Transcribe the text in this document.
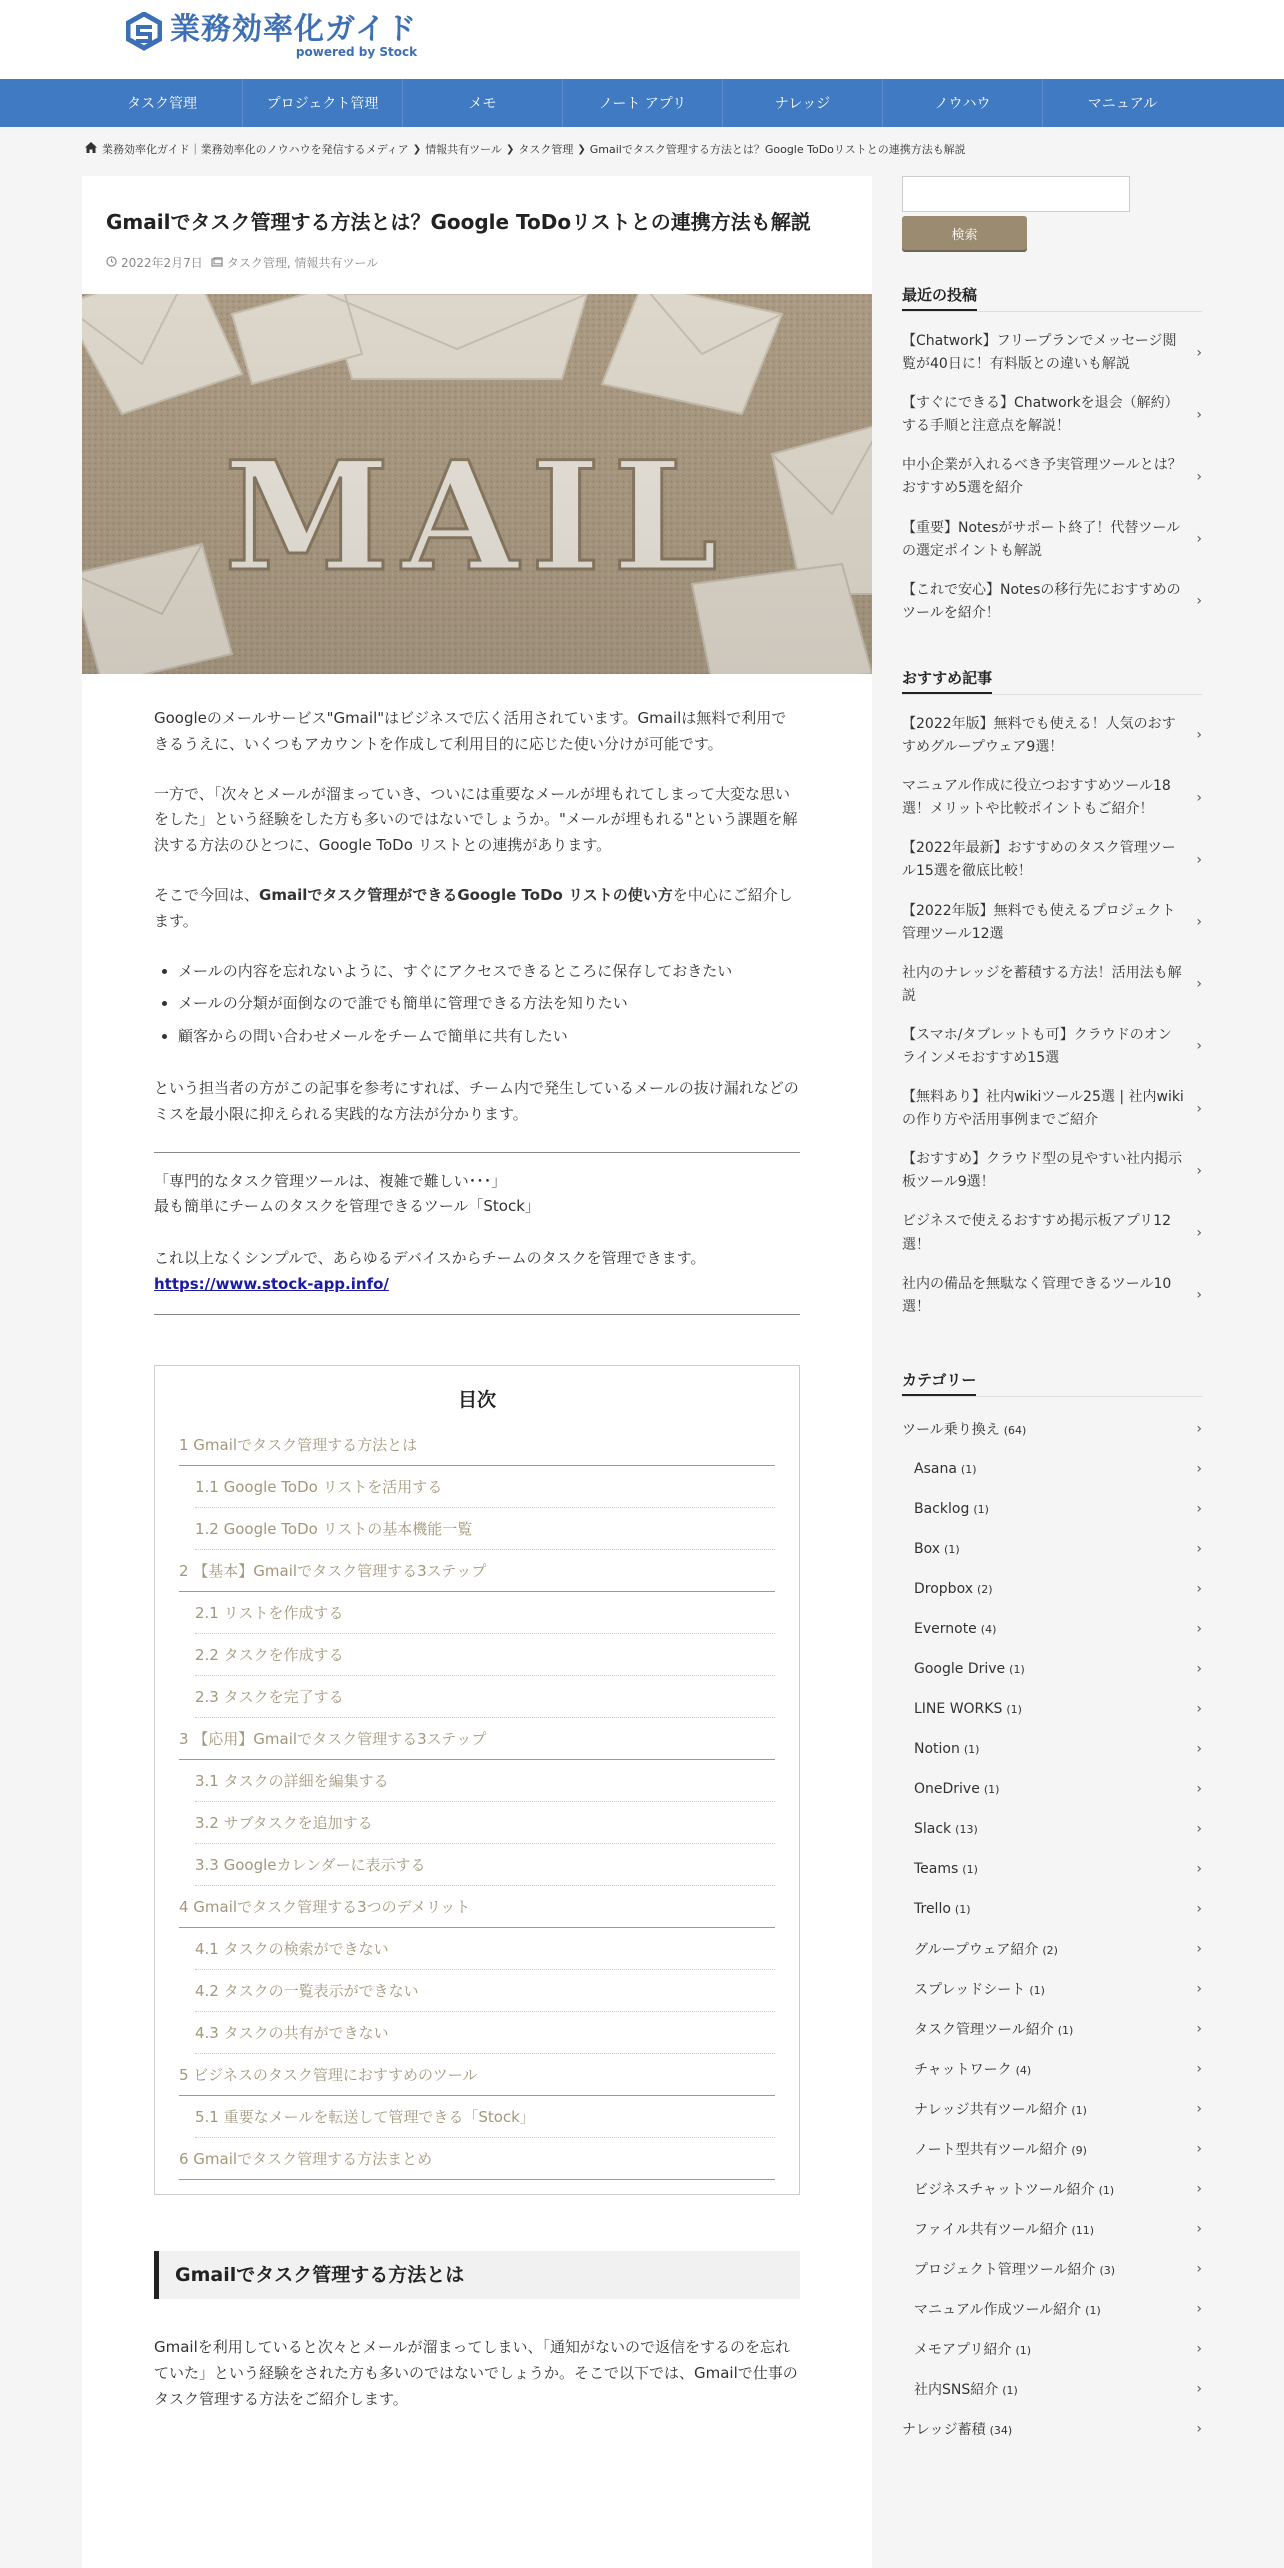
業務効率化ガイド
powered by Stock
タスク管理	プロジェクト管理	メモ	ノート アプリ	ナレッジ	ノウハウ	マニュアル
業務効率化ガイド｜業務効率化のノウハウを発信するメディア ❯ 情報共有ツール ❯ タスク管理 ❯ Gmailでタスク管理する方法とは？Google ToDoリストとの連携方法も解説
Gmailでタスク管理する方法とは？Google ToDoリストとの連携方法も解説
2022年2月7日 タスク管理, 情報共有ツール

Googleのメールサービス"Gmail"はビジネスで広く活用されています。Gmailは無料で利用できるうえに、いくつもアカウントを作成して利用目的に応じた使い分けが可能です。

一方で、「次々とメールが溜まっていき、ついには重要なメールが埋もれてしまって大変な思いをした」という経験をした方も多いのではないでしょうか。"メールが埋もれる"という課題を解決する方法のひとつに、Google ToDo リストとの連携があります。

そこで今回は、Gmailでタスク管理ができるGoogle ToDo リストの使い方を中心にご紹介します。

• メールの内容を忘れないように、すぐにアクセスできるところに保存しておきたい
• メールの分類が面倒なので誰でも簡単に管理できる方法を知りたい
• 顧客からの問い合わせメールをチームで簡単に共有したい

という担当者の方がこの記事を参考にすれば、チーム内で発生しているメールの抜け漏れなどのミスを最小限に抑えられる実践的な方法が分かります。

「専門的なタスク管理ツールは、複雑で難しい･･･」
最も簡単にチームのタスクを管理できるツール「Stock」
これ以上なくシンプルで、あらゆるデバイスからチームのタスクを管理できます。
https://www.stock-app.info/
目次
1 Gmailでタスク管理する方法とは
1.1 Google ToDo リストを活用する
1.2 Google ToDo リストの基本機能一覧
2 【基本】Gmailでタスク管理する3ステップ
2.1 リストを作成する
2.2 タスクを作成する
2.3 タスクを完了する
3 【応用】Gmailでタスク管理する3ステップ
3.1 タスクの詳細を編集する
3.2 サブタスクを追加する
3.3 Googleカレンダーに表示する
4 Gmailでタスク管理する3つのデメリット
4.1 タスクの検索ができない
4.2 タスクの一覧表示ができない
4.3 タスクの共有ができない
5 ビジネスのタスク管理におすすめのツール
5.1 重要なメールを転送して管理できる「Stock」
6 Gmailでタスク管理する方法まとめ
Gmailでタスク管理する方法とは

Gmailを利用していると次々とメールが溜まってしまい、「通知がないので返信をするのを忘れていた」という経験をされた方も多いのではないでしょうか。そこで以下では、Gmailで仕事のタスク管理する方法をご紹介します。

検索
最近の投稿
【Chatwork】フリープランでメッセージ閲覧が40日に！有料版との違いも解説
›
【すぐにできる】Chatworkを退会（解約）する手順と注意点を解説！
›
中小企業が入れるべき予実管理ツールとは？おすすめ5選を紹介
›
【重要】Notesがサポート終了！代替ツールの選定ポイントも解説
›
【これで安心】Notesの移行先におすすめのツールを紹介！
›
おすすめ記事
【2022年版】無料でも使える！人気のおすすめグループウェア9選！
›
マニュアル作成に役立つおすすめツール18選！メリットや比較ポイントもご紹介！
›
【2022年最新】おすすめのタスク管理ツール15選を徹底比較！
›
【2022年版】無料でも使えるプロジェクト管理ツール12選
›
社内のナレッジを蓄積する方法！活用法も解説
›
【スマホ/タブレットも可】クラウドのオンラインメモおすすめ15選
›
【無料あり】社内wikiツール25選 | 社内wikiの作り方や活用事例までご紹介
›
【おすすめ】クラウド型の見やすい社内掲示板ツール9選！
›
ビジネスで使えるおすすめ掲示板アプリ12選！
›
社内の備品を無駄なく管理できるツール10選！
›
カテゴリー
ツール乗り換え (64)	›
Asana (1)	›
Backlog (1)	›
Box (1)	›
Dropbox (2)	›
Evernote (4)	›
Google Drive (1)	›
LINE WORKS (1)	›
Notion (1)	›
OneDrive (1)	›
Slack (13)	›
Teams (1)	›
Trello (1)	›
グループウェア紹介 (2)	›
スプレッドシート (1)	›
タスク管理ツール紹介 (1)	›
チャットワーク (4)	›
ナレッジ共有ツール紹介 (1)	›
ノート型共有ツール紹介 (9)	›
ビジネスチャットツール紹介 (1)	›
ファイル共有ツール紹介 (11)	›
プロジェクト管理ツール紹介 (3)	›
マニュアル作成ツール紹介 (1)	›
メモアプリ紹介 (1)	›
社内SNS紹介 (1)	›
ナレッジ蓄積 (34)	›
